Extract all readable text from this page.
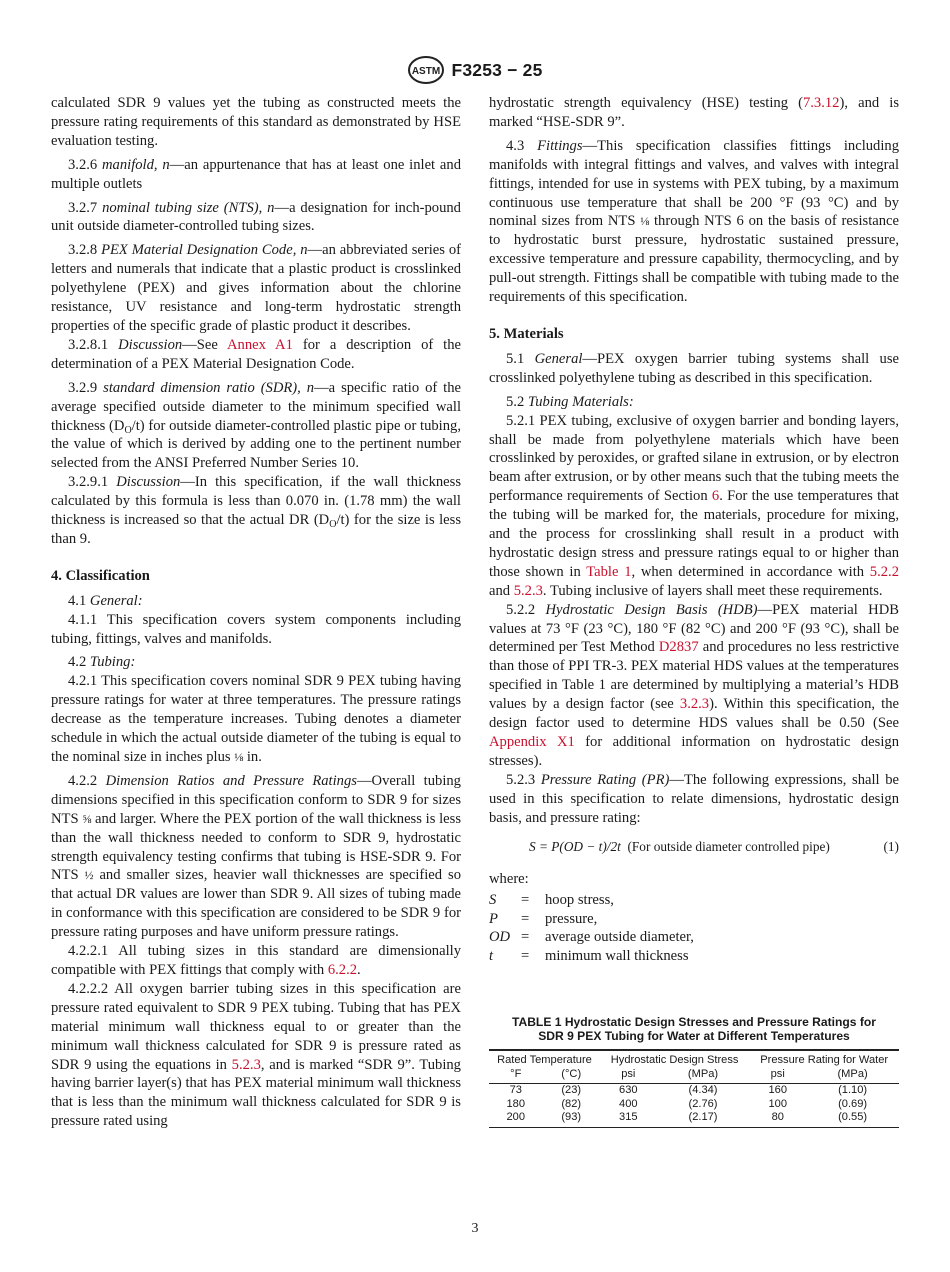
ASTM F3253 − 25

calculated SDR 9 values yet the tubing as constructed meets the pressure rating requirements of this standard as demonstrated by HSE evaluation testing.

3.2.6 manifold, n—an appurtenance that has at least one inlet and multiple outlets

3.2.7 nominal tubing size (NTS), n—a designation for inch-pound unit outside diameter-controlled tubing sizes.

3.2.8 PEX Material Designation Code, n—an abbreviated series of letters and numerals that indicate that a plastic product is crosslinked polyethylene (PEX) and gives information about the chlorine resistance, UV resistance and long-term hydrostatic strength properties of the specific grade of plastic product it describes.

3.2.8.1 Discussion—See Annex A1 for a description of the determination of a PEX Material Designation Code.

3.2.9 standard dimension ratio (SDR), n—a specific ratio of the average specified outside diameter to the minimum specified wall thickness $(D_O/t)$ for outside diameter-controlled plastic pipe or tubing, the value of which is derived by adding one to the pertinent number selected from the ANSI Preferred Number Series 10.

3.2.9.1 Discussion—In this specification, if the wall thickness calculated by this formula is less than 0.070 in. (1.78 mm) the wall thickness is increased so that the actual DR $(D_O/t)$ for the size is less than 9.

4. Classification

4.1 General:

4.1.1 This specification covers system components including tubing, fittings, valves and manifolds.

4.2 Tubing:

4.2.1 This specification covers nominal SDR 9 PEX tubing having pressure ratings for water at three temperatures. The pressure ratings decrease as the temperature increases. Tubing denotes a diameter schedule in which the actual outside diameter of the tubing is equal to the nominal size in inches plus ⅛ in.

4.2.2 Dimension Ratios and Pressure Ratings—Overall tubing dimensions specified in this specification conform to SDR 9 for sizes NTS ⅝ and larger. Where the PEX portion of the wall thickness is less than the wall thickness needed to conform to SDR 9, hydrostatic strength equivalency testing confirms that tubing is HSE-SDR 9. For NTS ½ and smaller sizes, heavier wall thicknesses are specified so that actual DR values are lower than SDR 9. All sizes of tubing made in conformance with this specification are considered to be SDR 9 for pressure rating purposes and have uniform pressure ratings.

4.2.2.1 All tubing sizes in this standard are dimensionally compatible with PEX fittings that comply with 6.2.2.

4.2.2.2 All oxygen barrier tubing sizes in this specification are pressure rated equivalent to SDR 9 PEX tubing. Tubing that has PEX material minimum wall thickness equal to or greater than the minimum wall thickness calculated for SDR 9 is pressure rated as SDR 9 using the equations in 5.2.3, and is marked “SDR 9”. Tubing having barrier layer(s) that has PEX material minimum wall thickness that is less than the minimum wall thickness calculated for SDR 9 is pressure rated using

hydrostatic strength equivalency (HSE) testing (7.3.12), and is marked “HSE-SDR 9”.

4.3 Fittings—This specification classifies fittings including manifolds with integral fittings and valves, and valves with integral fittings, intended for use in systems with PEX tubing, by a maximum continuous use temperature that shall be 200 °F (93 °C) and by nominal sizes from NTS ⅛ through NTS 6 on the basis of resistance to hydrostatic burst pressure, hydrostatic sustained pressure, excessive temperature and pressure capability, thermocycling, and by pull-out strength. Fittings shall be compatible with tubing made to the requirements of this specification.

5. Materials

5.1 General—PEX oxygen barrier tubing systems shall use crosslinked polyethylene tubing as described in this specification.

5.2 Tubing Materials:

5.2.1 PEX tubing, exclusive of oxygen barrier and bonding layers, shall be made from polyethylene materials which have been crosslinked by peroxides, or grafted silane in extrusion, or by electron beam after extrusion, or by other means such that the tubing meets the performance requirements of Section 6. For the use temperatures that the tubing will be marked for, the materials, procedure for mixing, and the process for crosslinking shall result in a product with hydrostatic design stress and pressure ratings equal to or higher than those shown in Table 1, when determined in accordance with 5.2.2 and 5.2.3. Tubing inclusive of layers shall meet these requirements.

5.2.2 Hydrostatic Design Basis (HDB)—PEX material HDB values at 73 °F (23 °C), 180 °F (82 °C) and 200 °F (93 °C), shall be determined per Test Method D2837 and procedures no less restrictive than those of PPI TR-3. PEX material HDS values at the temperatures specified in Table 1 are determined by multiplying a material’s HDB values by a design factor (see 3.2.3). Within this specification, the design factor used to determine HDS values shall be 0.50 (See Appendix X1 for additional information on hydrostatic design stresses).

5.2.3 Pressure Rating (PR)—The following expressions, shall be used in this specification to relate dimensions, hydrostatic design basis, and pressure rating:

S = P(OD − t)/2t (For outside diameter controlled pipe)	(1)

where:

S	=	hoop stress,
P	=	pressure,
OD =	average outside diameter,
t	=	minimum wall thickness
TABLE 1 Hydrostatic Design Stresses and Pressure Ratings for
SDR 9 PEX Tubing for Water at Different Temperatures
Rated Temperature		Hydrostatic Design Stress		Pressure Rating for Water	
°F	(°C)	psi	(MPa)	psi	(MPa)
73	(23)	630	(4.34)	160	(1.10)
180	(82)	400	(2.76)	100	(0.69)
200	(93)	315	(2.17)	80	(0.55)
3
